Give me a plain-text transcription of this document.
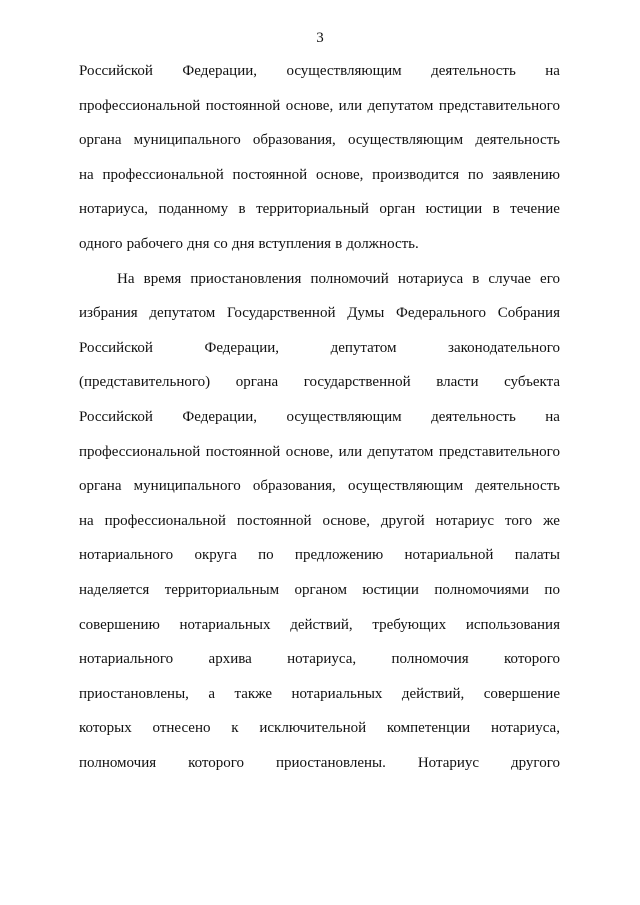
3
Российской Федерации, осуществляющим деятельность на
профессиональной постоянной основе, или депутатом представительного
органа муниципального образования, осуществляющим деятельность
на профессиональной постоянной основе, производится по заявлению
нотариуса, поданному в территориальный орган юстиции в течение
одного рабочего дня со дня вступления в должность.
На время приостановления полномочий нотариуса в случае его
избрания депутатом Государственной Думы Федерального Собрания
Российской	Федерации,	депутатом	законодательного
(представительного) органа государственной власти субъекта
Российской Федерации, осуществляющим деятельность на
профессиональной постоянной основе, или депутатом представительного
органа муниципального образования, осуществляющим деятельность
на профессиональной постоянной основе, другой нотариус того же
нотариального округа по предложению нотариальной палаты
наделяется территориальным органом юстиции полномочиями по
совершению нотариальных действий, требующих использования
нотариального архива нотариуса, полномочия которого
приостановлены, а также нотариальных действий, совершение
которых отнесено к исключительной компетенции нотариуса,
полномочия которого приостановлены. Нотариус другого
